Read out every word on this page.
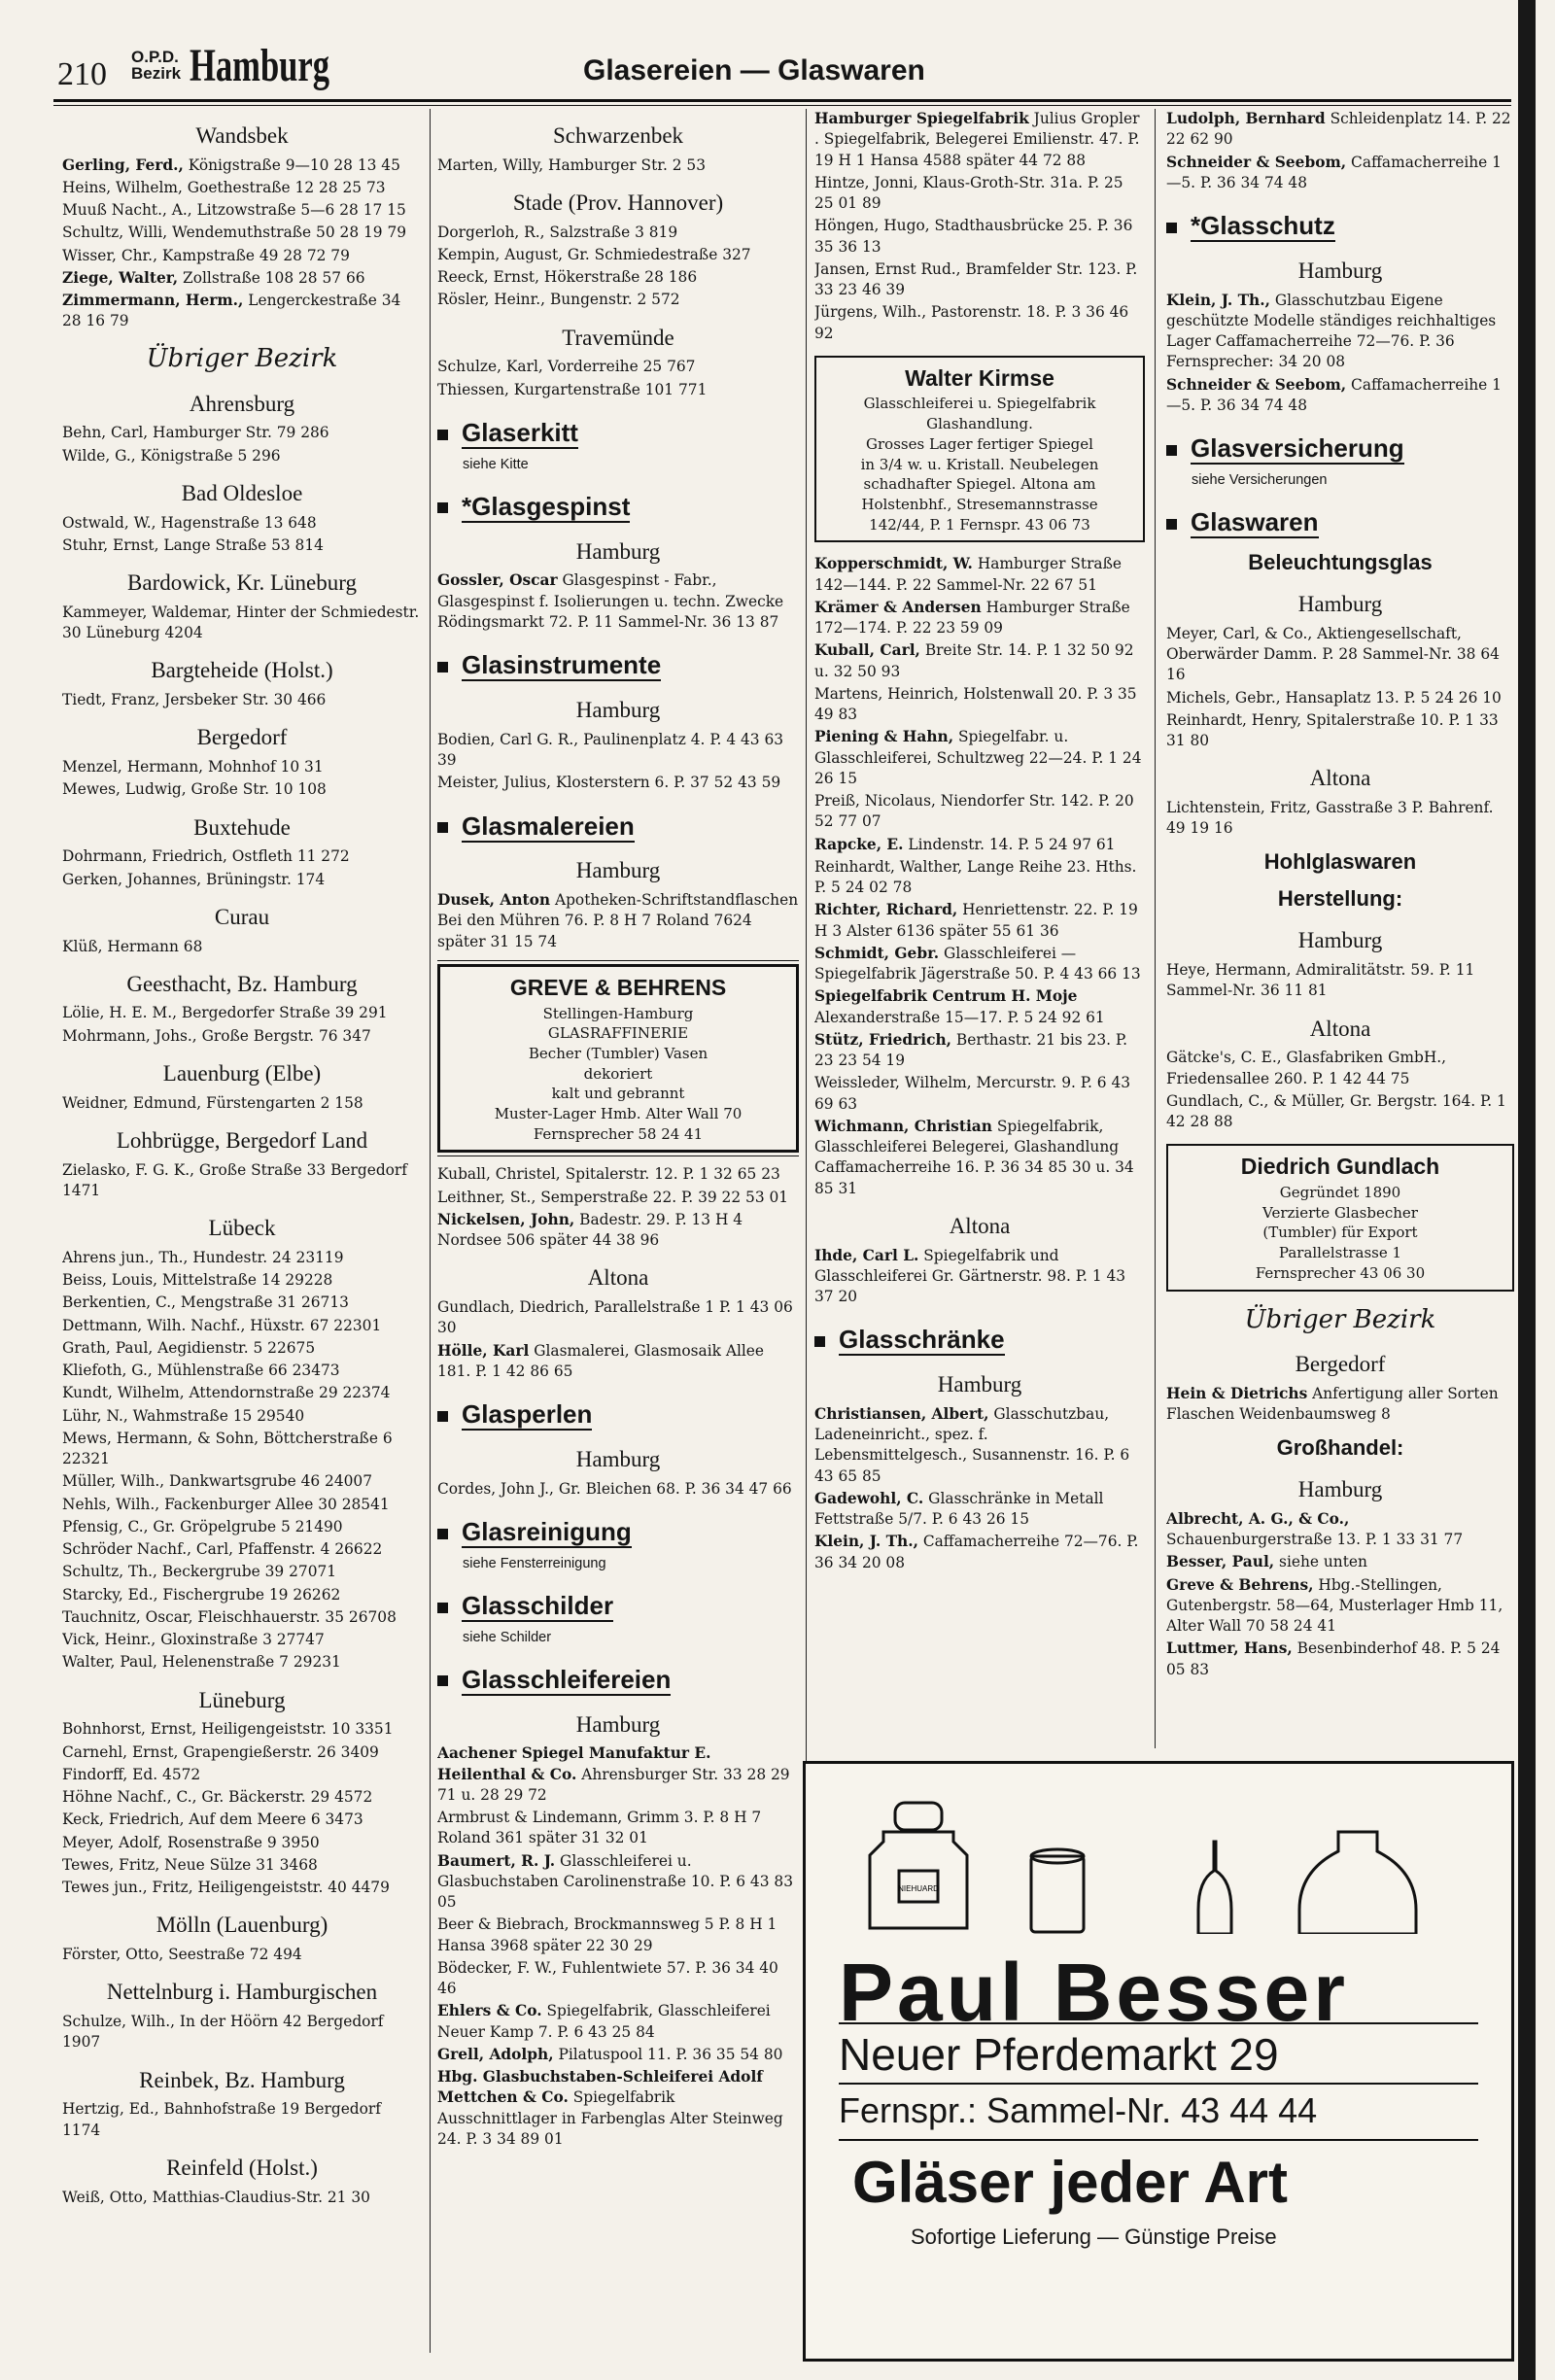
210 O.P.D.
Bezirk Hamburg	Glasereien — Glaswaren
Wandsbek
Gerling, Ferd., Königstraße 9—10 28 13 45
Heins, Wilhelm, Goethestraße 12 28 25 73
Muuß Nacht., A., Litzowstraße 5—6 28 17 15
Schultz, Willi, Wendemuthstraße 50 28 19 79
Wisser, Chr., Kampstraße 49 28 72 79
Ziege, Walter, Zollstraße 108 28 57 66
Zimmermann, Herm., Lengerckestraße 34 28 16 79
Übriger Bezirk
Ahrensburg
Behn, Carl, Hamburger Str. 79 286
Wilde, G., Königstraße 5 296
Bad Oldesloe
Ostwald, W., Hagenstraße 13 648
Stuhr, Ernst, Lange Straße 53 814
Bardowick, Kr. Lüneburg
Kammeyer, Waldemar, Hinter der Schmiedestr. 30 Lüneburg 4204
Bargteheide (Holst.)
Tiedt, Franz, Jersbeker Str. 30 466
Bergedorf
Menzel, Hermann, Mohnhof 10 31
Mewes, Ludwig, Große Str. 10 108
Buxtehude
Dohrmann, Friedrich, Ostfleth 11 272
Gerken, Johannes, Brüningstr. 174
Curau
Klüß, Hermann 68
Geesthacht, Bz. Hamburg
Lölie, H. E. M., Bergedorfer Straße 39 291
Mohrmann, Johs., Große Bergstr. 76 347
Lauenburg (Elbe)
Weidner, Edmund, Fürstengarten 2 158
Lohbrügge, Bergedorf Land
Zielasko, F. G. K., Große Straße 33 Bergedorf 1471
Lübeck
Ahrens jun., Th., Hundestr. 24 23119
Beiss, Louis, Mittelstraße 14 29228
Berkentien, C., Mengstraße 31 26713
Dettmann, Wilh. Nachf., Hüxstr. 67 22301
Grath, Paul, Aegidienstr. 5 22675
Kliefoth, G., Mühlenstraße 66 23473
Kundt, Wilhelm, Attendornstraße 29 22374
Lühr, N., Wahmstraße 15 29540
Mews, Hermann, & Sohn, Böttcherstraße 6 22321
Müller, Wilh., Dankwartsgrube 46 24007
Nehls, Wilh., Fackenburger Allee 30 28541
Pfensig, C., Gr. Gröpelgrube 5 21490
Schröder Nachf., Carl, Pfaffenstr. 4 26622
Schultz, Th., Beckergrube 39 27071
Starcky, Ed., Fischergrube 19 26262
Tauchnitz, Oscar, Fleischhauerstr. 35 26708
Vick, Heinr., Gloxinstraße 3 27747
Walter, Paul, Helenenstraße 7 29231
Lüneburg
Bohnhorst, Ernst, Heiligengeiststr. 10 3351
Carnehl, Ernst, Grapengießerstr. 26 3409
Findorff, Ed. 4572
Höhne Nachf., C., Gr. Bäckerstr. 29 4572
Keck, Friedrich, Auf dem Meere 6 3473
Meyer, Adolf, Rosenstraße 9 3950
Tewes, Fritz, Neue Sülze 31 3468
Tewes jun., Fritz, Heiligengeiststr. 40 4479
Mölln (Lauenburg)
Förster, Otto, Seestraße 72 494
Nettelnburg i. Hamburgischen
Schulze, Wilh., In der Höörn 42 Bergedorf 1907
Reinbek, Bz. Hamburg
Hertzig, Ed., Bahnhofstraße 19 Bergedorf 1174
Reinfeld (Holst.)
Weiß, Otto, Matthias-Claudius-Str. 21 30
Schwarzenbek
Marten, Willy, Hamburger Str. 2 53
Stade (Prov. Hannover)
Dorgerloh, R., Salzstraße 3 819
Kempin, August, Gr. Schmiedestraße 327
Reeck, Ernst, Hökerstraße 28 186
Rösler, Heinr., Bungenstr. 2 572
Travemünde
Schulze, Karl, Vorderreihe 25 767
Thiessen, Kurgartenstraße 101 771
Glaserkitt
siehe Kitte
*Glasgespinst
Hamburg
Gossler, Oscar Glasgespinst - Fabr., Glasgespinst f. Isolierungen u. techn. Zwecke Rödingsmarkt 72. P. 11 Sammel-Nr. 36 13 87
Glasinstrumente
Hamburg
Bodien, Carl G. R., Paulinenplatz 4. P. 4 43 63 39
Meister, Julius, Klosterstern 6. P. 37 52 43 59
Glasmalereien
Hamburg
Dusek, Anton Apotheken-Schriftstandflaschen Bei den Mühren 76. P. 8 H 7 Roland 7624 später 31 15 74
GREVE & BEHRENS
Stellingen-Hamburg
GLASRAFFINERIE
Becher (Tumbler) Vasen
dekoriert
kalt und gebrannt
Muster-Lager Hmb. Alter Wall 70
Fernsprecher 58 24 41
Kuball, Christel, Spitalerstr. 12. P. 1 32 65 23
Leithner, St., Semperstraße 22. P. 39 22 53 01
Nickelsen, John, Badestr. 29. P. 13 H 4 Nordsee 506 später 44 38 96
Altona
Gundlach, Diedrich, Parallelstraße 1 P. 1 43 06 30
Hölle, Karl Glasmalerei, Glasmosaik Allee 181. P. 1 42 86 65
Glasperlen
Hamburg
Cordes, John J., Gr. Bleichen 68. P. 36 34 47 66
Glasreinigung
siehe Fensterreinigung
Glasschilder
siehe Schilder
Glasschleifereien
Hamburg
Aachener Spiegel Manufaktur E. Heilenthal & Co. Ahrensburger Str. 33 28 29 71 u. 28 29 72
Armbrust & Lindemann, Grimm 3. P. 8 H 7 Roland 361 später 31 32 01
Baumert, R. J. Glasschleiferei u. Glasbuchstaben Carolinenstraße 10. P. 6 43 83 05
Beer & Biebrach, Brockmannsweg 5 P. 8 H 1 Hansa 3968 später 22 30 29
Bödecker, F. W., Fuhlentwiete 57. P. 36 34 40 46
Ehlers & Co. Spiegelfabrik, Glasschleiferei Neuer Kamp 7. P. 6 43 25 84
Grell, Adolph, Pilatuspool 11. P. 36 35 54 80
Hbg. Glasbuchstaben-Schleiferei Adolf Mettchen & Co. Spiegelfabrik Ausschnittlager in Farbenglas Alter Steinweg 24. P. 3 34 89 01
Hamburger Spiegelfabrik Julius Gropler . Spiegelfabrik, Belegerei Emilienstr. 47. P. 19 H 1 Hansa 4588 später 44 72 88
Hintze, Jonni, Klaus-Groth-Str. 31a. P. 25 25 01 89
Höngen, Hugo, Stadthausbrücke 25. P. 36 35 36 13
Jansen, Ernst Rud., Bramfelder Str. 123. P. 33 23 46 39
Jürgens, Wilh., Pastorenstr. 18. P. 3 36 46 92
Walter Kirmse
Glasschleiferei u. Spiegelfabrik
Glashandlung.
Grosses Lager fertiger Spiegel
in 3/4 w. u. Kristall. Neubelegen
schadhafter Spiegel. Altona am
Holstenbhf., Stresemannstrasse
142/44, P. 1 Fernspr. 43 06 73
Kopperschmidt, W. Hamburger Straße 142—144. P. 22 Sammel-Nr. 22 67 51
Krämer & Andersen Hamburger Straße 172—174. P. 22 23 59 09
Kuball, Carl, Breite Str. 14. P. 1 32 50 92 u. 32 50 93
Martens, Heinrich, Holstenwall 20. P. 3 35 49 83
Piening & Hahn, Spiegelfabr. u. Glasschleiferei, Schultzweg 22—24. P. 1 24 26 15
Preiß, Nicolaus, Niendorfer Str. 142. P. 20 52 77 07
Rapcke, E. Lindenstr. 14. P. 5 24 97 61
Reinhardt, Walther, Lange Reihe 23. Hths. P. 5 24 02 78
Richter, Richard, Henriettenstr. 22. P. 19 H 3 Alster 6136 später 55 61 36
Schmidt, Gebr. Glasschleiferei — Spiegelfabrik Jägerstraße 50. P. 4 43 66 13
Spiegelfabrik Centrum H. Moje Alexanderstraße 15—17. P. 5 24 92 61
Stütz, Friedrich, Berthastr. 21 bis 23. P. 23 23 54 19
Weissleder, Wilhelm, Mercurstr. 9. P. 6 43 69 63
Wichmann, Christian Spiegelfabrik, Glasschleiferei Belegerei, Glashandlung Caffamacherreihe 16. P. 36 34 85 30 u. 34 85 31
Altona
Ihde, Carl L. Spiegelfabrik und Glasschleiferei Gr. Gärtnerstr. 98. P. 1 43 37 20
Glasschränke
Hamburg
Christiansen, Albert, Glasschutzbau, Ladeneinricht., spez. f. Lebensmittelgesch., Susannenstr. 16. P. 6 43 65 85
Gadewohl, C. Glasschränke in Metall Fettstraße 5/7. P. 6 43 26 15
Klein, J. Th., Caffamacherreihe 72—76. P. 36 34 20 08
Ludolph, Bernhard Schleidenplatz 14. P. 22 22 62 90
Schneider & Seebom, Caffamacherreihe 1—5. P. 36 34 74 48
*Glasschutz
Hamburg
Klein, J. Th., Glasschutzbau Eigene geschützte Modelle ständiges reichhaltiges Lager Caffamacherreihe 72—76. P. 36 Fernsprecher: 34 20 08
Schneider & Seebom, Caffamacherreihe 1—5. P. 36 34 74 48
Glasversicherung
siehe Versicherungen
Glaswaren
Beleuchtungsglas
Hamburg
Meyer, Carl, & Co., Aktiengesellschaft, Oberwärder Damm. P. 28 Sammel-Nr. 38 64 16
Michels, Gebr., Hansaplatz 13. P. 5 24 26 10
Reinhardt, Henry, Spitalerstraße 10. P. 1 33 31 80
Altona
Lichtenstein, Fritz, Gasstraße 3 P. Bahrenf. 49 19 16
Hohlglaswaren
Herstellung:
Hamburg
Heye, Hermann, Admiralitätstr. 59. P. 11 Sammel-Nr. 36 11 81
Altona
Gätcke's, C. E., Glasfabriken GmbH., Friedensallee 260. P. 1 42 44 75
Gundlach, C., & Müller, Gr. Bergstr. 164. P. 1 42 28 88
Diedrich Gundlach
Gegründet 1890
Verzierte Glasbecher
(Tumbler) für Export
Parallelstrasse 1
Fernsprecher 43 06 30
Übriger Bezirk
Bergedorf
Hein & Dietrichs Anfertigung aller Sorten Flaschen Weidenbaumsweg 8
Großhandel:
Hamburg
Albrecht, A. G., & Co., Schauenburgerstraße 13. P. 1 33 31 77
Besser, Paul, siehe unten
Greve & Behrens, Hbg.-Stellingen, Gutenbergstr. 58—64, Musterlager Hmb 11, Alter Wall 70 58 24 41
Luttmer, Hans, Besenbinderhof 48. P. 5 24 05 83
NIEHUARD
Paul Besser
Neuer Pferdemarkt 29
Fernspr.: Sammel-Nr. 43 44 44
Gläser jeder Art
Sofortige Lieferung — Günstige Preise
